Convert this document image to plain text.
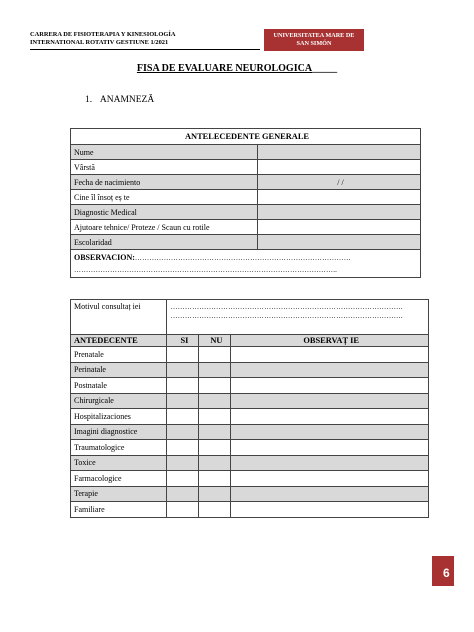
CARRERA DE FISIOTERAPIA Y KINESIOLOGÍA
INTERNATIONAL ROTATIV GESTIUNE 1/2021
UNIVERSITATEA MARE DE
SAN SIMÓN
FISA DE EVALUARE NEUROLOGICA_____
1. ANAMNEZĂ
ANTELECEDENTE GENERALE	
Nume	
Vârstă	
Fecha de nacimiento	/ /
Cine îl însoț eș te	
Diagnostic Medical	
Ajutoare tehnice/ Proteze / Scaun cu rotile	
Escolaridad	
OBSERVACION:………………………………………………………………………………
………………………………………………………………………………………………..	
Motivul consultaț iei	…………………………………………………………………………………….
…………………………………………………………………………………….		
ANTEDECENTE	SI	NU	OBSERVAȚ IE
Prenatale			
Perinatale			
Postnatale			
Chirurgicale			
Hospitalizaciones			
Imagini diagnostice			
Traumatologice			
Toxice			
Farmacologice			
Terapie			
Familiare			
6
